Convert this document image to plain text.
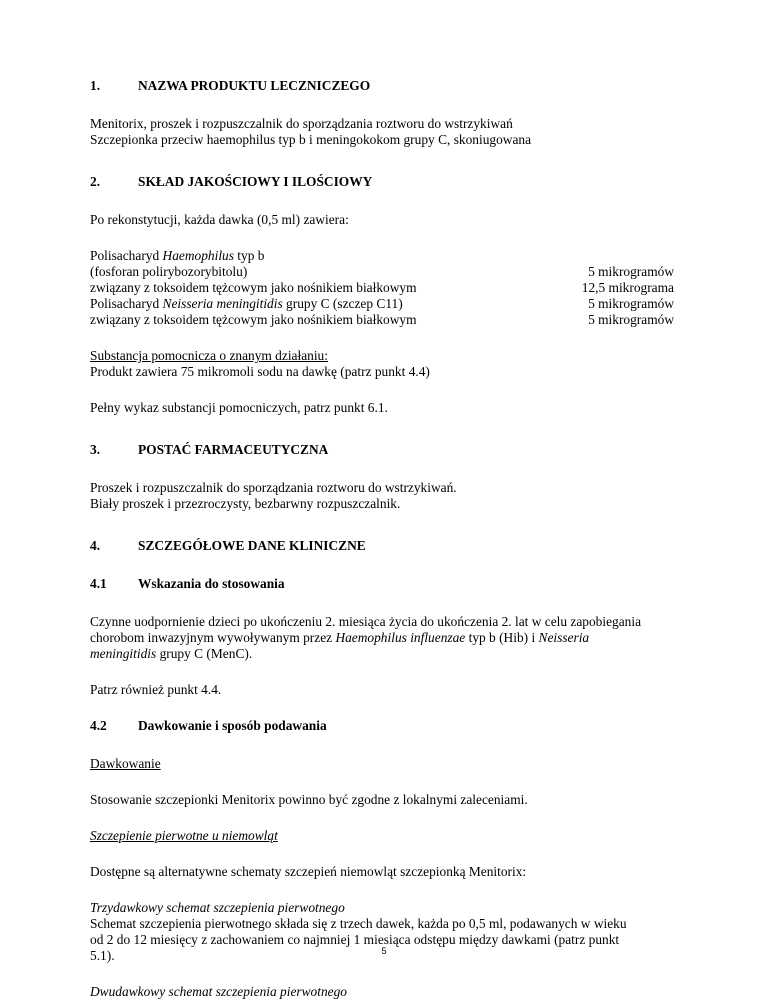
1.	NAZWA PRODUKTU LECZNICZEGO

Menitorix, proszek i rozpuszczalnik do sporządzania roztworu do wstrzykiwań

Szczepionka przeciw haemophilus typ b i meningokokom grupy C, skoniugowana

2.	SKŁAD JAKOŚCIOWY I ILOŚCIOWY

Po rekonstytucji, każda dawka (0,5 ml) zawiera:

Polisacharyd Haemophilus typ b
(fosforan polirybozorybitolu)	5 mikrogramów
związany z toksoidem tężcowym jako nośnikiem białkowym	12,5 mikrograma
Polisacharyd Neisseria meningitidis grupy C (szczep C11)	5 mikrogramów
związany z toksoidem tężcowym jako nośnikiem białkowym	5 mikrogramów

Substancja pomocnicza o znanym działaniu:

Produkt zawiera 75 mikromoli sodu na dawkę (patrz punkt 4.4)

Pełny wykaz substancji pomocniczych, patrz punkt 6.1.

3.	POSTAĆ FARMACEUTYCZNA

Proszek i rozpuszczalnik do sporządzania roztworu do wstrzykiwań.

Biały proszek i przezroczysty, bezbarwny rozpuszczalnik.

4.	SZCZEGÓŁOWE DANE KLINICZNE
4.1	Wskazania do stosowania

Czynne uodpornienie dzieci po ukończeniu 2. miesiąca życia do ukończenia 2. lat w celu zapobiegania
chorobom inwazyjnym wywoływanym przez Haemophilus influenzae typ b (Hib) i Neisseria
meningitidis grupy C (MenC).

Patrz również punkt 4.4.

4.2	Dawkowanie i sposób podawania

Dawkowanie

Stosowanie szczepionki Menitorix powinno być zgodne z lokalnymi zaleceniami.

Szczepienie pierwotne u niemowląt

Dostępne są alternatywne schematy szczepień niemowląt szczepionką Menitorix:

Trzydawkowy schemat szczepienia pierwotnego

Schemat szczepienia pierwotnego składa się z trzech dawek, każda po 0,5 ml, podawanych w wieku
od 2 do 12 miesięcy z zachowaniem co najmniej 1 miesiąca odstępu między dawkami (patrz punkt
5.1).

Dwudawkowy schemat szczepienia pierwotnego

5
